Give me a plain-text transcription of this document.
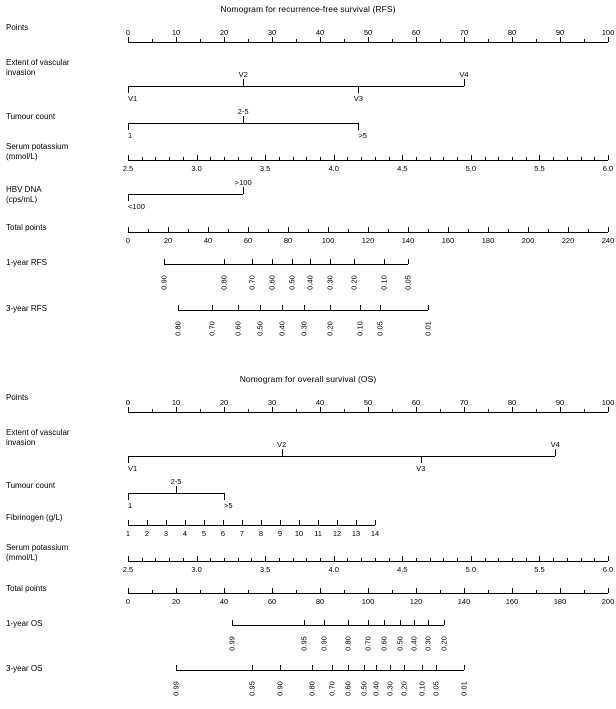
Nomogram for recurrence-free survival (RFS)
Points
0	10	20	30	40	50	60	70	80	90	100
Extent of vascular
invasion
V1
V2
V3
V4
Tumour count
1
2-5
>5
Serum potassium
(mmol/L)
2.5	3.0	3.5	4.0	4.5	5.0	5.5	6.0
HBV DNA
(cps/mL)
<100
>100
Total points
0	20	40	60	80	100	120	140	160	180	200	220	240
1-year RFS
0.90	0.80	0.70 0.60 0.50 0.40 0.30 0.20	0.10 0.05
3-year RFS
0.80	0.70 0.60 0.50 0.40 0.30 0.20	0.10 0.05	0.01
Nomogram for overall survival (OS)
Points
0	10	20	30	40	50	60	70	80	90	100
Extent of vascular
invasion
V1
V2
V3
V4
Tumour count
1
2-5
>5
Fibrinogen (g/L)
1	2	3	4	5	6	7	8	9	10	11	12	13	14
Serum potassium
(mmol/L)
2.5	3.0	3.5	4.0	4.5	5.0	5.5	6.0
Total points
0	20	40	60	80	100	120	140	160	180	200
1-year OS
0.99	0.95 0.90 0.80 0.70 0.60 0.50 0.40 0.30 0.20
3-year OS
0.99	0.95	0.90	0.80 0.70 0.60 0.50 0.40 0.30 0.20 0.10 0.05	0.01
